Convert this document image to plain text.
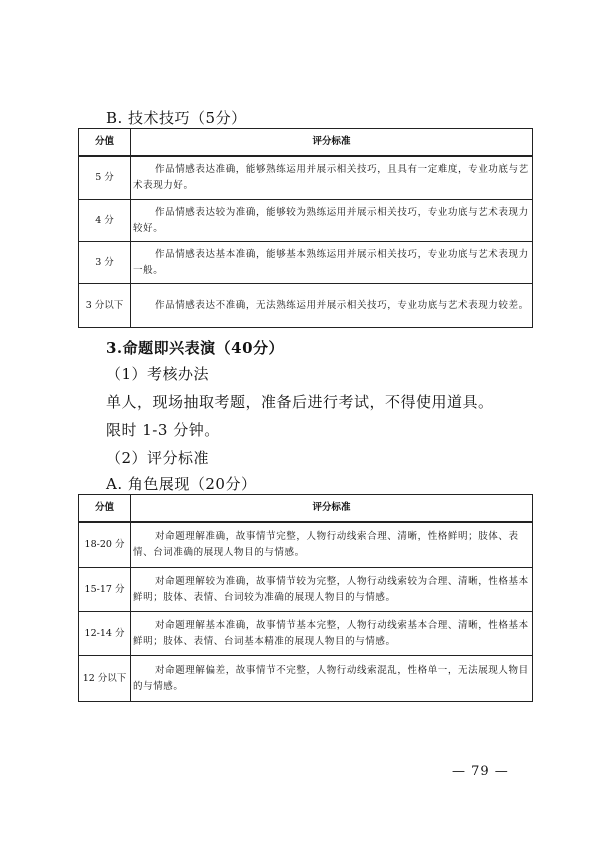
B. 技术技巧（5分）
分值	评分标准
5 分	作品情感表达准确，能够熟练运用并展示相关技巧，且具有一定难度，专业功底与艺术表现力好。
4 分	作品情感表达较为准确，能够较为熟练运用并展示相关技巧，专业功底与艺术表现力较好。
3 分	作品情感表达基本准确，能够基本熟练运用并展示相关技巧，专业功底与艺术表现力一般。
3 分以下	作品情感表达不准确，无法熟练运用并展示相关技巧，专业功底与艺术表现力较差。
3.命题即兴表演（40分）
（1）考核办法
单人，现场抽取考题，准备后进行考试，不得使用道具。
限时 1-3 分钟。
（2）评分标准
A. 角色展现（20分）
分值	评分标准
18-20 分	对命题理解准确，故事情节完整，人物行动线索合理、清晰，性格鲜明；肢体、表情、台词准确的展现人物目的与情感。
15-17 分	对命题理解较为准确，故事情节较为完整，人物行动线索较为合理、清晰，性格基本鲜明；肢体、表情、台词较为准确的展现人物目的与情感。
12-14 分	对命题理解基本准确，故事情节基本完整，人物行动线索基本合理、清晰，性格基本鲜明；肢体、表情、台词基本精准的展现人物目的与情感。
12 分以下	对命题理解偏差，故事情节不完整，人物行动线索混乱，性格单一，无法展现人物目的与情感。
— 79 —
